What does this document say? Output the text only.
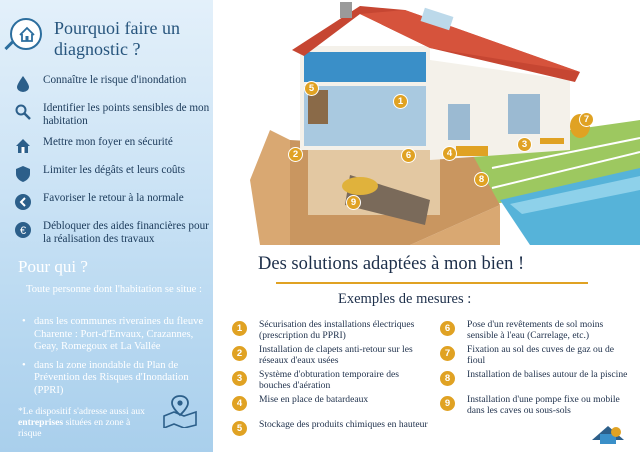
Pourquoi faire un diagnostic ?
Connaître le risque d'inondation
Identifier les points sensibles de mon habitation
Mettre mon foyer en sécurité
Limiter les dégâts et leurs coûts
Favoriser le retour à la normale
€ Débloquer des aides financières pour la réalisation des travaux
Pour qui ?
Toute personne dont l'habitation se situe :
• dans les communes riveraines du fleuve Charente : Port-d'Envaux, Crazannes, Geay, Romegoux et La Vallée
• dans la zone inondable du Plan de Prévention des Risques d'Inondation (PPRI)
*Le dispositif s'adresse aussi aux entreprises situées en zone à risque
1
2
3
4
5
6
7
8
9
Des solutions adaptées à mon bien !
Exemples de mesures :
1	Sécurisation des installations électriques (prescription du PPRI)
2	Installation de clapets anti-retour sur les réseaux d'eaux usées
3	Système d'obturation temporaire des bouches d'aération
4	Mise en place de batardeaux
5	Stockage des produits chimiques en hauteur
6	Pose d'un revêtements de sol moins sensible à l'eau (Carrelage, etc.)
7	Fixation au sol des cuves de gaz ou de fioul
8	Installation de balises autour de la piscine
9	Installation d'une pompe fixe ou mobile dans les caves ou sous-sols
